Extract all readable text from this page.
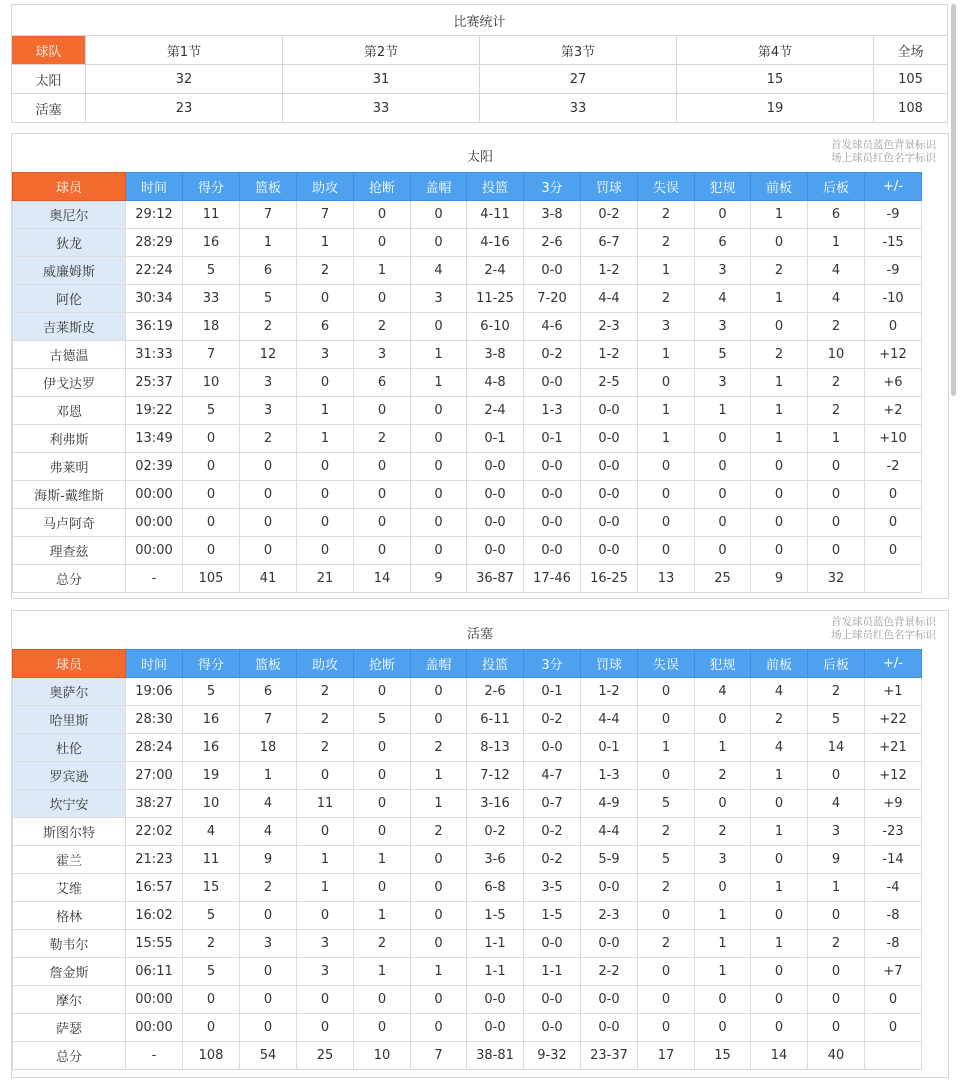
比赛统计					
球队	第1节	第2节	第3节	第4节	全场
太阳	32	31	27	15	105
活塞	23	33	33	19	108
太阳
首发球员蓝色背景标识
场上球员红色名字标识
球员	时间	得分	篮板	助攻	抢断	盖帽	投篮	3分	罚球	失误	犯规	前板	后板	+/-
奥尼尔	29:12	11	7	7	0	0	4-11	3-8	0-2	2	0	1	6	-9
狄龙	28:29	16	1	1	0	0	4-16	2-6	6-7	2	6	0	1	-15
威廉姆斯	22:24	5	6	2	1	4	2-4	0-0	1-2	1	3	2	4	-9
阿伦	30:34	33	5	0	0	3	11-25	7-20	4-4	2	4	1	4	-10
吉莱斯皮	36:19	18	2	6	2	0	6-10	4-6	2-3	3	3	0	2	0
古德温	31:33	7	12	3	3	1	3-8	0-2	1-2	1	5	2	10	+12
伊戈达罗	25:37	10	3	0	6	1	4-8	0-0	2-5	0	3	1	2	+6
邓恩	19:22	5	3	1	0	0	2-4	1-3	0-0	1	1	1	2	+2
利弗斯	13:49	0	2	1	2	0	0-1	0-1	0-0	1	0	1	1	+10
弗莱明	02:39	0	0	0	0	0	0-0	0-0	0-0	0	0	0	0	-2
海斯-戴维斯	00:00	0	0	0	0	0	0-0	0-0	0-0	0	0	0	0	0
马卢阿奇	00:00	0	0	0	0	0	0-0	0-0	0-0	0	0	0	0	0
理查兹	00:00	0	0	0	0	0	0-0	0-0	0-0	0	0	0	0	0
总分	-	105	41	21	14	9	36-87	17-46	16-25	13	25	9	32	
活塞
首发球员蓝色背景标识
场上球员红色名字标识
球员	时间	得分	篮板	助攻	抢断	盖帽	投篮	3分	罚球	失误	犯规	前板	后板	+/-
奥萨尔	19:06	5	6	2	0	0	2-6	0-1	1-2	0	4	4	2	+1
哈里斯	28:30	16	7	2	5	0	6-11	0-2	4-4	0	0	2	5	+22
杜伦	28:24	16	18	2	0	2	8-13	0-0	0-1	1	1	4	14	+21
罗宾逊	27:00	19	1	0	0	1	7-12	4-7	1-3	0	2	1	0	+12
坎宁安	38:27	10	4	11	0	1	3-16	0-7	4-9	5	0	0	4	+9
斯图尔特	22:02	4	4	0	0	2	0-2	0-2	4-4	2	2	1	3	-23
霍兰	21:23	11	9	1	1	0	3-6	0-2	5-9	5	3	0	9	-14
艾维	16:57	15	2	1	0	0	6-8	3-5	0-0	2	0	1	1	-4
格林	16:02	5	0	0	1	0	1-5	1-5	2-3	0	1	0	0	-8
勒韦尔	15:55	2	3	3	2	0	1-1	0-0	0-0	2	1	1	2	-8
詹金斯	06:11	5	0	3	1	1	1-1	1-1	2-2	0	1	0	0	+7
摩尔	00:00	0	0	0	0	0	0-0	0-0	0-0	0	0	0	0	0
萨瑟	00:00	0	0	0	0	0	0-0	0-0	0-0	0	0	0	0	0
总分	-	108	54	25	10	7	38-81	9-32	23-37	17	15	14	40	
